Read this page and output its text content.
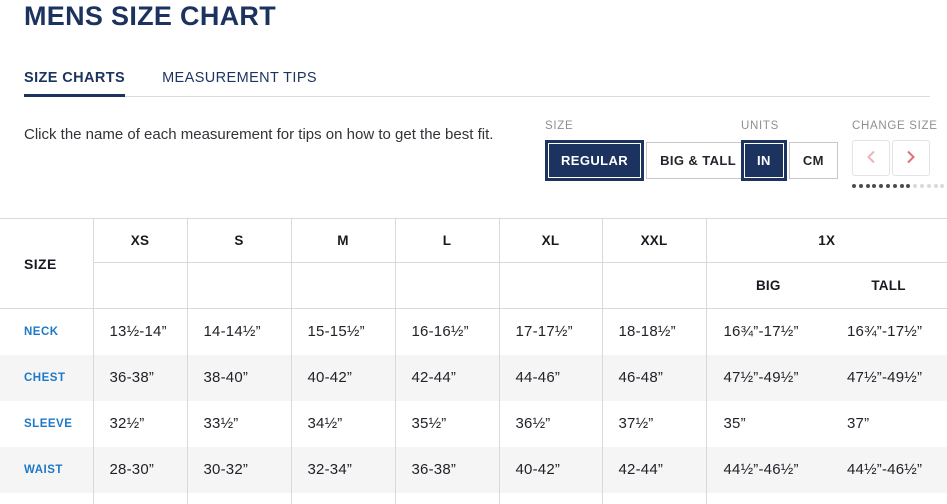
MENS SIZE CHART
SIZE CHARTS	MEASUREMENT TIPS

Click the name of each measurement for tips on how to get the best fit.	SIZE
REGULAR	BIG & TALL
UNITS
IN	CM
CHANGE SIZE
SIZE	XS	S	M	L	XL	XXL	1X	
							BIG	TALL
NECK	13½-14”	14-14½”	15-15½”	16-16½”	17-17½”	18-18½”	16¾”-17½”	16¾”-17½”
CHEST	36-38”	38-40”	40-42”	42-44”	44-46”	46-48”	47½”-49½”	47½”-49½”
SLEEVE	32½”	33½”	34½”	35½”	36½”	37½”	35”	37”
WAIST	28-30”	30-32”	32-34”	36-38”	40-42”	42-44”	44½”-46½”	44½”-46½”
